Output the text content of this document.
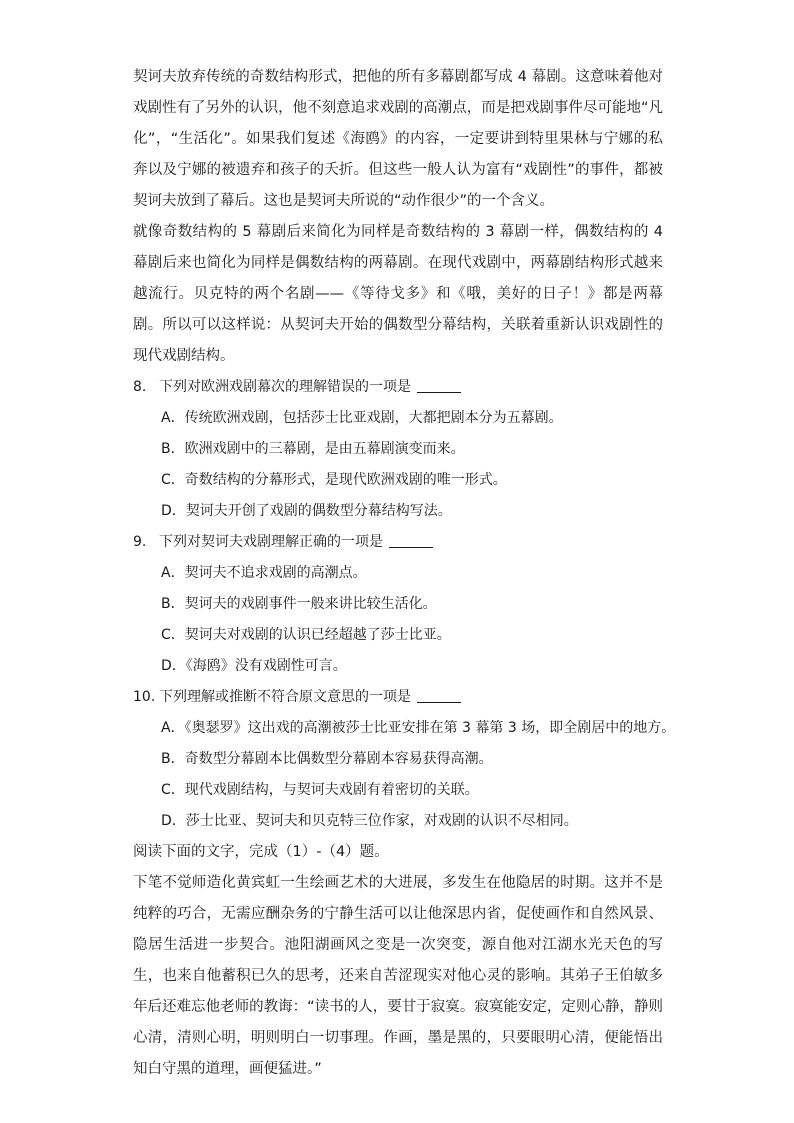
契诃夫放弃传统的奇数结构形式，把他的所有多幕剧都写成 4 幕剧。这意味着他对戏剧性有了另外的认识，他不刻意追求戏剧的高潮点，而是把戏剧事件尽可能地“凡化”，“生活化”。如果我们复述《海鸥》的内容，一定要讲到特里果林与宁娜的私奔以及宁娜的被遗弃和孩子的夭折。但这些一般人认为富有“戏剧性”的事件，都被契诃夫放到了幕后。这也是契诃夫所说的“动作很少”的一个含义。

就像奇数结构的 5 幕剧后来简化为同样是奇数结构的 3 幕剧一样，偶数结构的 4 幕剧后来也简化为同样是偶数结构的两幕剧。在现代戏剧中，两幕剧结构形式越来越流行。贝克特的两个名剧——《等待戈多》和《哦，美好的日子！》都是两幕剧。所以可以这样说：从契诃夫开始的偶数型分幕结构，关联着重新认识戏剧性的现代戏剧结构。

8. 下列对欧洲戏剧幕次的理解错误的一项是

A．传统欧洲戏剧，包括莎士比亚戏剧，大都把剧本分为五幕剧。

B．欧洲戏剧中的三幕剧，是由五幕剧演变而来。

C．奇数结构的分幕形式，是现代欧洲戏剧的唯一形式。

D．契诃夫开创了戏剧的偶数型分幕结构写法。

9. 下列对契诃夫戏剧理解正确的一项是

A．契诃夫不追求戏剧的高潮点。

B．契诃夫的戏剧事件一般来讲比较生活化。

C．契诃夫对戏剧的认识已经超越了莎士比亚。

D．《海鸥》没有戏剧性可言。

10. 下列理解或推断不符合原文意思的一项是

A．《奥瑟罗》这出戏的高潮被莎士比亚安排在第 3 幕第 3 场，即全剧居中的地方。

B．奇数型分幕剧本比偶数型分幕剧本容易获得高潮。

C．现代戏剧结构，与契诃夫戏剧有着密切的关联。

D．莎士比亚、契诃夫和贝克特三位作家，对戏剧的认识不尽相同。

阅读下面的文字，完成（1）-（4）题。

下笔不觉师造化黄宾虹一生绘画艺术的大进展，多发生在他隐居的时期。这并不是纯粹的巧合，无需应酬杂务的宁静生活可以让他深思内省，促使画作和自然风景、隐居生活进一步契合。池阳湖画风之变是一次突变，源自他对江湖水光天色的写生，也来自他蓄积已久的思考，还来自苦涩现实对他心灵的影响。其弟子王伯敏多年后还难忘他老师的教诲：“读书的人，要甘于寂寞。寂寞能安定，定则心静，静则心清，清则心明，明则明白一切事理。作画，墨是黑的，只要眼明心清，便能悟出知白守黑的道理，画便猛进。”
